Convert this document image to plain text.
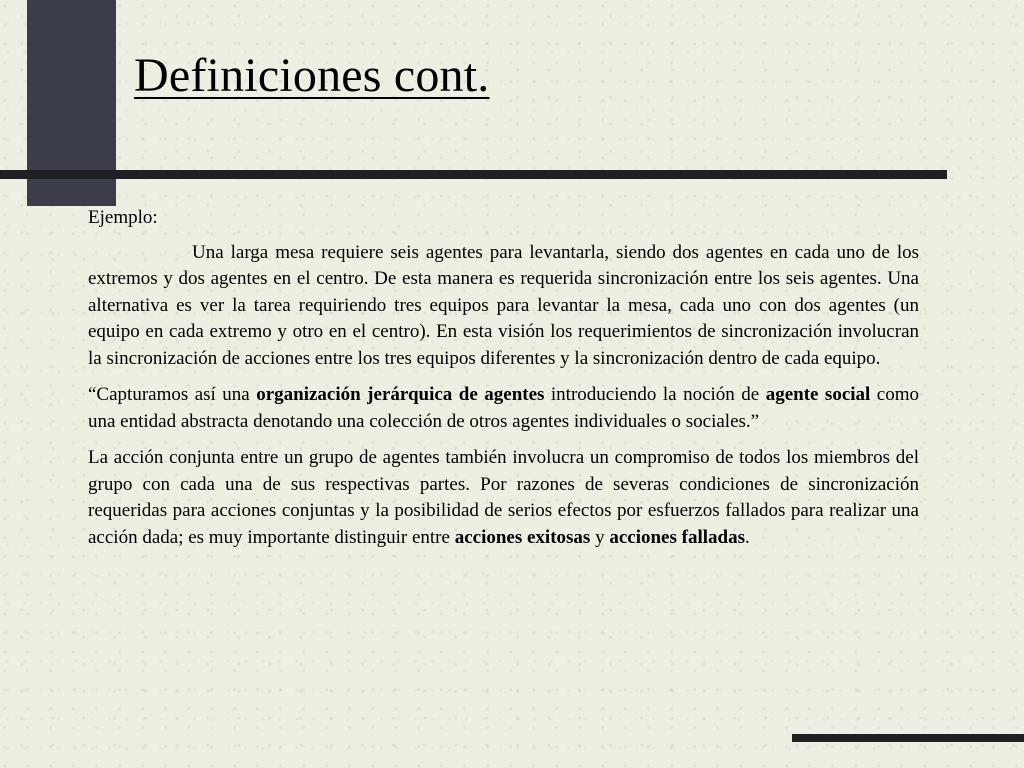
Definiciones cont.

Ejemplo:

Una larga mesa requiere seis agentes para levantarla, siendo dos agentes en cada uno de los extremos y dos agentes en el centro. De esta manera es requerida sincronización entre los seis agentes. Una alternativa es ver la tarea requiriendo tres equipos para levantar la mesa, cada uno con dos agentes (un equipo en cada extremo y otro en el centro). En esta visión los requerimientos de sincronización involucran la sincronización de acciones entre los tres equipos diferentes y la sincronización dentro de cada equipo.

“Capturamos así una organización jerárquica de agentes introduciendo la noción de agente social como una entidad abstracta denotando una colección de otros agentes individuales o sociales.”

La acción conjunta entre un grupo de agentes también involucra un compromiso de todos los miembros del grupo con cada una de sus respectivas partes. Por razones de severas condiciones de sincronización requeridas para acciones conjuntas y la posibilidad de serios efectos por esfuerzos fallados para realizar una acción dada; es muy importante distinguir entre acciones exitosas y acciones falladas.
